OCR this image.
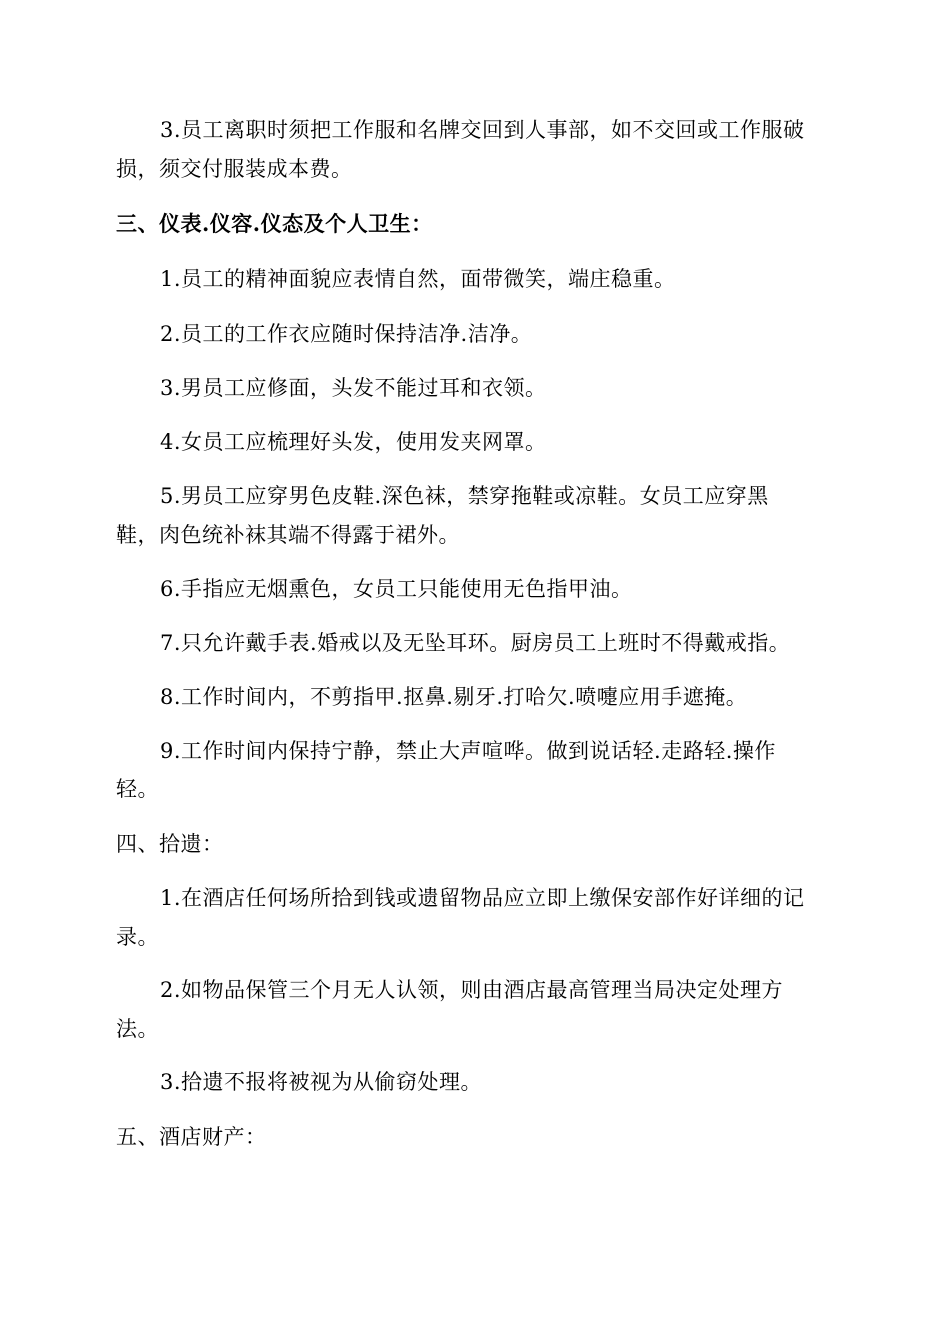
3.员工离职时须把工作服和名牌交回到人事部，如不交回或工作服破
损，须交付服装成本费。
三、仪表.仪容.仪态及个人卫生：
1.员工的精神面貌应表情自然，面带微笑，端庄稳重。
2.员工的工作衣应随时保持洁净.洁净。
3.男员工应修面，头发不能过耳和衣领。
4.女员工应梳理好头发，使用发夹网罩。
5.男员工应穿男色皮鞋.深色袜，禁穿拖鞋或凉鞋。女员工应穿黑
鞋，肉色统补袜其端不得露于裙外。
6.手指应无烟熏色，女员工只能使用无色指甲油。
7.只允许戴手表.婚戒以及无坠耳环。厨房员工上班时不得戴戒指。
8.工作时间内，不剪指甲.抠鼻.剔牙.打哈欠.喷嚏应用手遮掩。
9.工作时间内保持宁静，禁止大声喧哗。做到说话轻.走路轻.操作
轻。
四、拾遗：
1.在酒店任何场所拾到钱或遗留物品应立即上缴保安部作好详细的记
录。
2.如物品保管三个月无人认领，则由酒店最高管理当局决定处理方
法。
3.拾遗不报将被视为从偷窃处理。
五、酒店财产：
